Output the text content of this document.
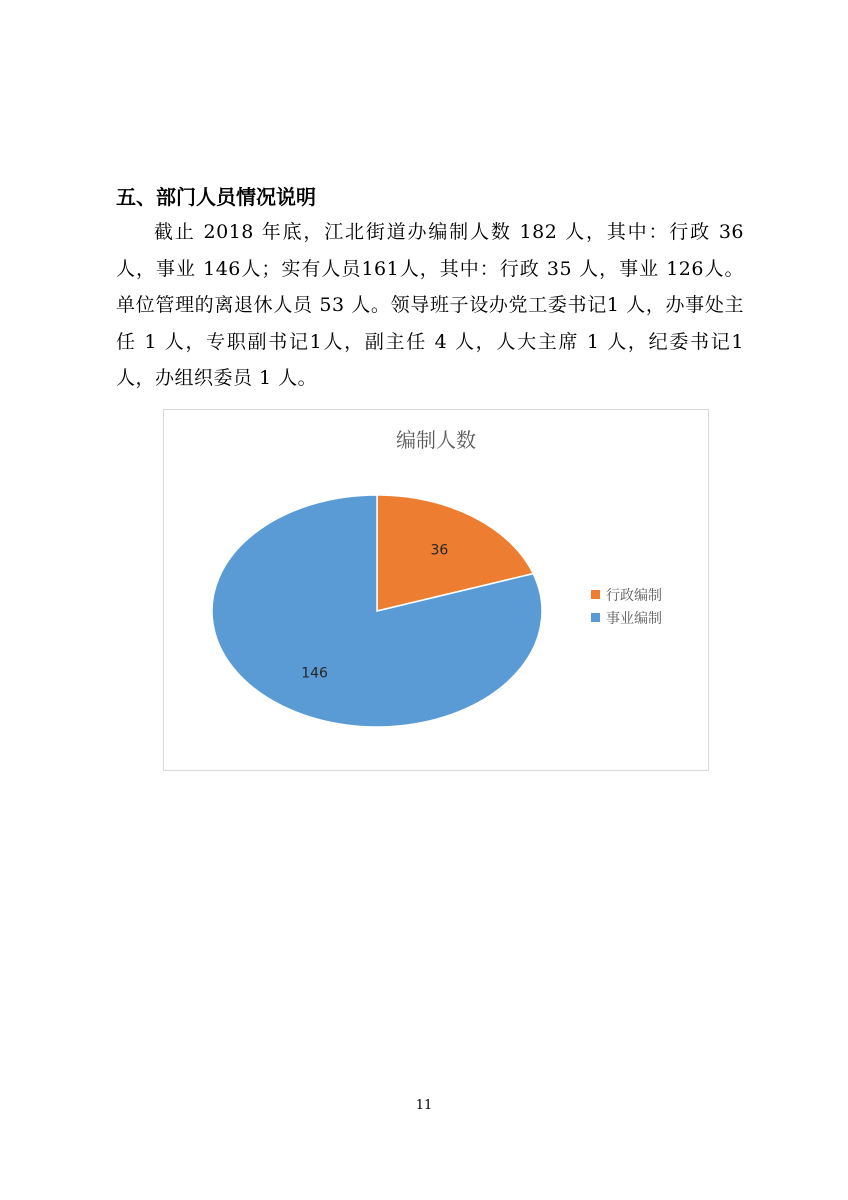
五、部门人员情况说明

截止 2018 年底，江北街道办编制人数 182 人，其中：行政 36 人，事业 146人；实有人员161人，其中：行政 35 人，事业 126人。单位管理的离退休人员 53 人。领导班子设办党工委书记1 人，办事处主任 1 人，专职副书记1人，副主任 4 人，人大主席 1 人，纪委书记1 人，办组织委员 1 人。

编制人数
36
146
行政编制
事业编制
11
